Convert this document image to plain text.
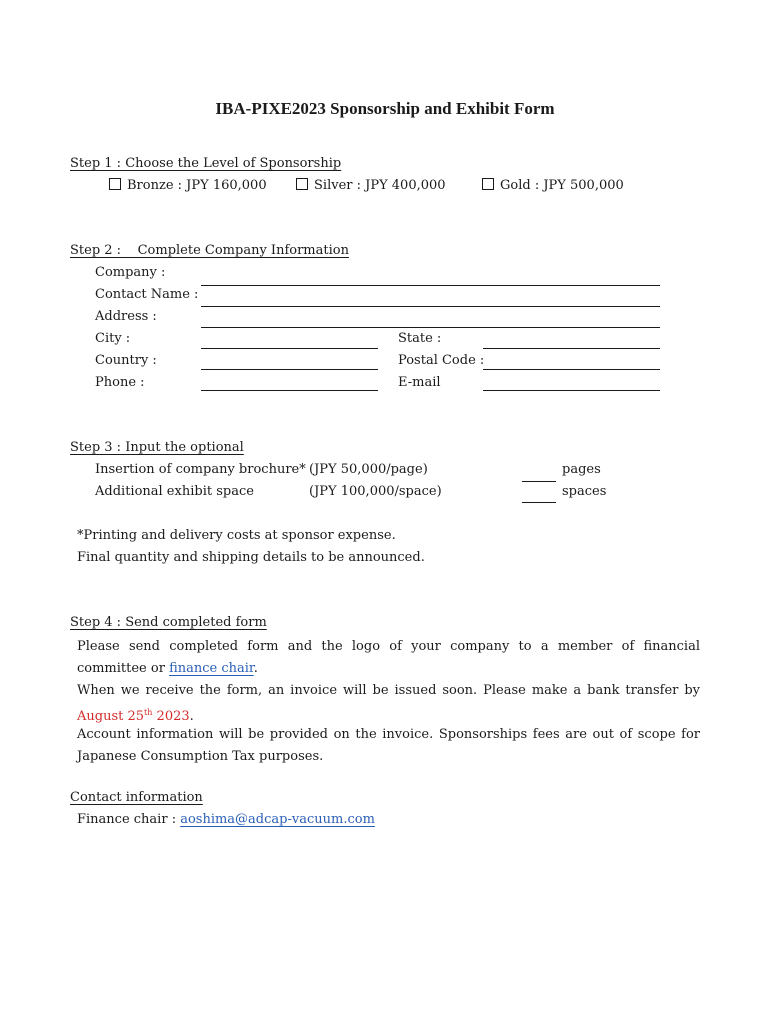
IBA-PIXE2023 Sponsorship and Exhibit Form
Step 1 : Choose the Level of Sponsorship
Bronze : JPY 160,000	Silver : JPY 400,000	Gold : JPY 500,000
Step 2 :    Complete Company Information
Company :
Contact Name :
Address :
City :	State :
Country :	Postal Code :
Phone :	E-mail
Step 3 : Input the optional
Insertion of company brochure* (JPY 50,000/page)	pages
Additional exhibit space	(JPY 100,000/space)	spaces
*Printing and delivery costs at sponsor expense.
Final quantity and shipping details to be announced.
Step 4 : Send completed form
Please send completed form and the logo of your company to a member of financial committee or finance chair.
When we receive the form, an invoice will be issued soon. Please make a bank transfer by August 25th 2023.
Account information will be provided on the invoice. Sponsorships fees are out of scope for Japanese Consumption Tax purposes.
Contact information
Finance chair : aoshima@adcap-vacuum.com
